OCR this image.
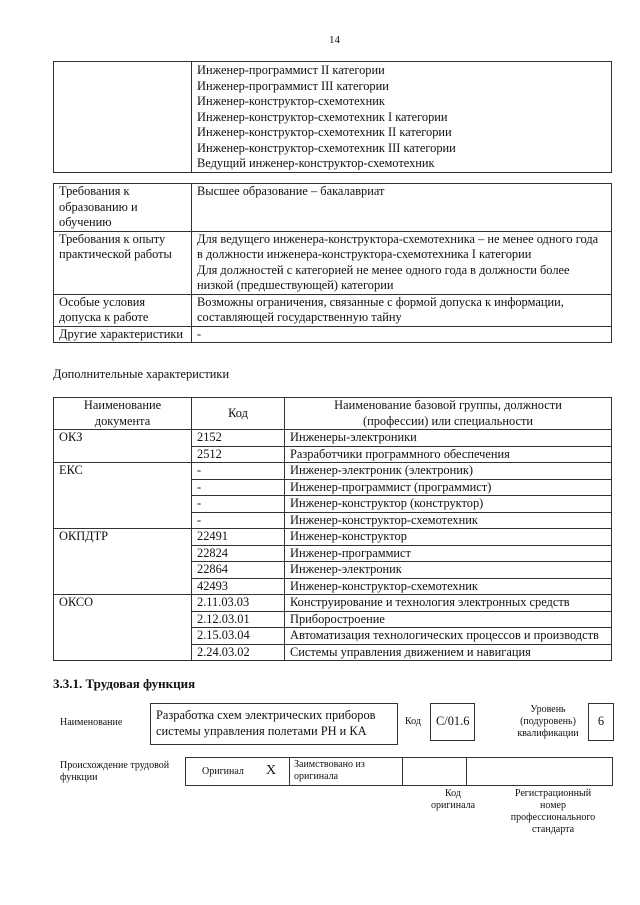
14

Инженер-программист II категории
Инженер-программист III категории
Инженер-конструктор-схемотехник
Инженер-конструктор-схемотехник I категории
Инженер-конструктор-схемотехник II категории
Инженер-конструктор-схемотехник III категории
Ведущий инженер-конструктор-схемотехник
Требования к образованию и обучению	Высшее образование – бакалавриат

Требования к опыту практической работы	Для ведущего инженера-конструктора-схемотехника – не менее одного года в должности инженера-конструктора-схемотехника I категории
Для должностей с категорией не менее одного года в должности более низкой (предшествующей) категории

Особые условия допуска к работе	Возможны ограничения, связанные с формой допуска к информации, составляющей государственную тайну

Другие характеристики	-
Дополнительные характеристики
Наименование документа	Код	Наименование базовой группы, должности (профессии) или специальности
ОКЗ	2152	Инженеры-электроники
	2512	Разработчики программного обеспечения
ЕКС	-	Инженер-электроник (электроник)
	-	Инженер-программист (программист)
	-	Инженер-конструктор (конструктор)
	-	Инженер-конструктор-схемотехник
ОКПДТР	22491	Инженер-конструктор
	22824	Инженер-программист
	22864	Инженер-электроник
	42493	Инженер-конструктор-схемотехник
ОКСО	2.11.03.03	Конструирование и технология электронных средств
	2.12.03.01	Приборостроение
	2.15.03.04	Автоматизация технологических процессов и производств
	2.24.03.02	Системы управления движением и навигация
3.3.1. Трудовая функция
Наименование
Разработка схем электрических приборов системы управления полетами РН и КА
Код	С/01.6
Уровень (подуровень) квалификации
6
Происхождение трудовой функции
Оригинал X	Заимствовано из оригинала
Код оригинала
Регистрационный номер профессионального стандарта
